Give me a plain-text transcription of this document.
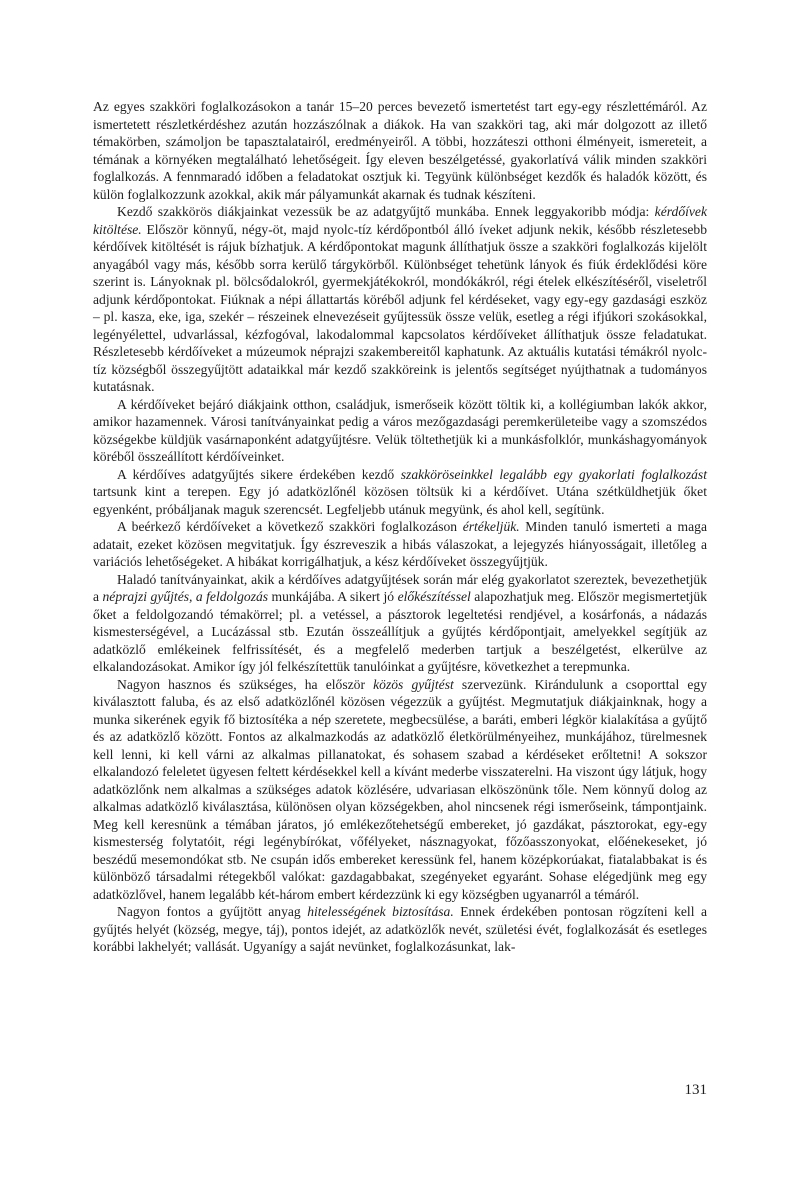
Az egyes szakköri foglalkozásokon a tanár 15–20 perces bevezető ismertetést tart egy-egy részlettémáról. Az ismertetett részletkérdéshez azután hozzászólnak a diákok. Ha van szakköri tag, aki már dolgozott az illető témakörben, számoljon be tapasztalatairól, eredményeiről. A többi, hozzáteszi otthoni élményeit, ismereteit, a témának a környéken megtalálható lehetőségeit. Így eleven beszélgetéssé, gyakorlatívá válik minden szakköri foglalkozás. A fennmaradó időben a feladatokat osztjuk ki. Tegyünk különbséget kezdők és haladók között, és külön foglalkozzunk azokkal, akik már pályamunkát akarnak és tudnak készíteni.

Kezdő szakkörös diákjainkat vezessük be az adatgyűjtő munkába. Ennek leggyakoribb módja: kérdőívek kitöltése. Először könnyű, négy-öt, majd nyolc-tíz kérdőpontból álló íveket adjunk nekik, később részletesebb kérdőívek kitöltését is rájuk bízhatjuk. A kérdőpontokat magunk állíthatjuk össze a szakköri foglalkozás kijelölt anyagából vagy más, később sorra kerülő tárgykörből. Különbséget tehetünk lányok és fiúk érdeklődési köre szerint is. Lányoknak pl. bölcsődalokról, gyermekjátékokról, mondókákról, régi ételek elkészítéséről, viseletről adjunk kérdőpontokat. Fiúknak a népi állattartás köréből adjunk fel kérdéseket, vagy egy-egy gazdasági eszköz – pl. kasza, eke, iga, szekér – részeinek elnevezéseit gyűjtessük össze velük, esetleg a régi ifjúkori szokásokkal, legényélettel, udvarlással, kézfogóval, lakodalommal kapcsolatos kérdőíveket állíthatjuk össze feladatukat. Részletesebb kérdőíveket a múzeumok néprajzi szakembereitől kaphatunk. Az aktuális kutatási témákról nyolc-tíz községből összegyűjtött adataikkal már kezdő szakköreink is jelentős segítséget nyújthatnak a tudományos kutatásnak.

A kérdőíveket bejáró diákjaink otthon, családjuk, ismerőseik között töltik ki, a kollégiumban lakók akkor, amikor hazamennek. Városi tanítványainkat pedig a város mezőgazdasági peremkerületeibe vagy a szomszédos községekbe küldjük vasárnaponként adatgyűjtésre. Velük töltethetjük ki a munkásfolklór, munkáshagyományok köréből összeállított kérdőíveinket.

A kérdőíves adatgyűjtés sikere érdekében kezdő szakköröseinkkel legalább egy gyakorlati foglalkozást tartsunk kint a terepen. Egy jó adatközlőnél közösen töltsük ki a kérdőívet. Utána szétküldhetjük őket egyenként, próbáljanak maguk szerencsét. Legfeljebb utánuk megyünk, és ahol kell, segítünk.

A beérkező kérdőíveket a következő szakköri foglalkozáson értékeljük. Minden tanuló ismerteti a maga adatait, ezeket közösen megvitatjuk. Így észreveszik a hibás válaszokat, a lejegyzés hiányosságait, illetőleg a variációs lehetőségeket. A hibákat korrigálhatjuk, a kész kérdőíveket összegyűjtjük.

Haladó tanítványainkat, akik a kérdőíves adatgyűjtések során már elég gyakorlatot szereztek, bevezethetjük a néprajzi gyűjtés, a feldolgozás munkájába. A sikert jó előkészítéssel alapozhatjuk meg. Először megismertetjük őket a feldolgozandó témakörrel; pl. a vetéssel, a pásztorok legeltetési rendjével, a kosárfonás, a nádazás kismesterségével, a Lucázással stb. Ezután összeállítjuk a gyűjtés kérdőpontjait, amelyekkel segítjük az adatközlő emlékeinek felfrissítését, és a megfelelő mederben tartjuk a beszélgetést, elkerülve az elkalandozásokat. Amikor így jól felkészítettük tanulóinkat a gyűjtésre, következhet a terepmunka.

Nagyon hasznos és szükséges, ha először közös gyűjtést szervezünk. Kirándulunk a csoporttal egy kiválasztott faluba, és az első adatközlőnél közösen végezzük a gyűjtést. Megmutatjuk diákjainknak, hogy a munka sikerének egyik fő biztosítéka a nép szeretete, megbecsülése, a baráti, emberi légkör kialakítása a gyűjtő és az adatközlő között. Fontos az alkalmazkodás az adatközlő életkörülményeihez, munkájához, türelmesnek kell lenni, ki kell várni az alkalmas pillanatokat, és sohasem szabad a kérdéseket erőltetni! A sokszor elkalandozó feleletet ügyesen feltett kérdésekkel kell a kívánt mederbe visszaterelni. Ha viszont úgy látjuk, hogy adatközlőnk nem alkalmas a szükséges adatok közlésére, udvariasan elköszönünk tőle. Nem könnyű dolog az alkalmas adatközlő kiválasztása, különösen olyan községekben, ahol nincsenek régi ismerőseink, támpontjaink. Meg kell keresnünk a témában járatos, jó emlékezőtehetségű embereket, jó gazdákat, pásztorokat, egy-egy kismesterség folytatóit, régi legénybírókat, vőfélyeket, násznagyokat, főzőasszonyokat, előénekeseket, jó beszédű mesemondókat stb. Ne csupán idős embereket keressünk fel, hanem középkorúakat, fiatalabbakat is és különböző társadalmi rétegekből valókat: gazdagabbakat, szegényeket egyaránt. Sohase elégedjünk meg egy adatközlővel, hanem legalább két-három embert kérdezzünk ki egy községben ugyanarról a témáról.

Nagyon fontos a gyűjtött anyag hitelességének biztosítása. Ennek érdekében pontosan rögzíteni kell a gyűjtés helyét (község, megye, táj), pontos idejét, az adatközlők nevét, születési évét, foglalkozását és esetleges korábbi lakhelyét; vallását. Ugyanígy a saját nevünket, foglalkozásunkat, lak-

131
